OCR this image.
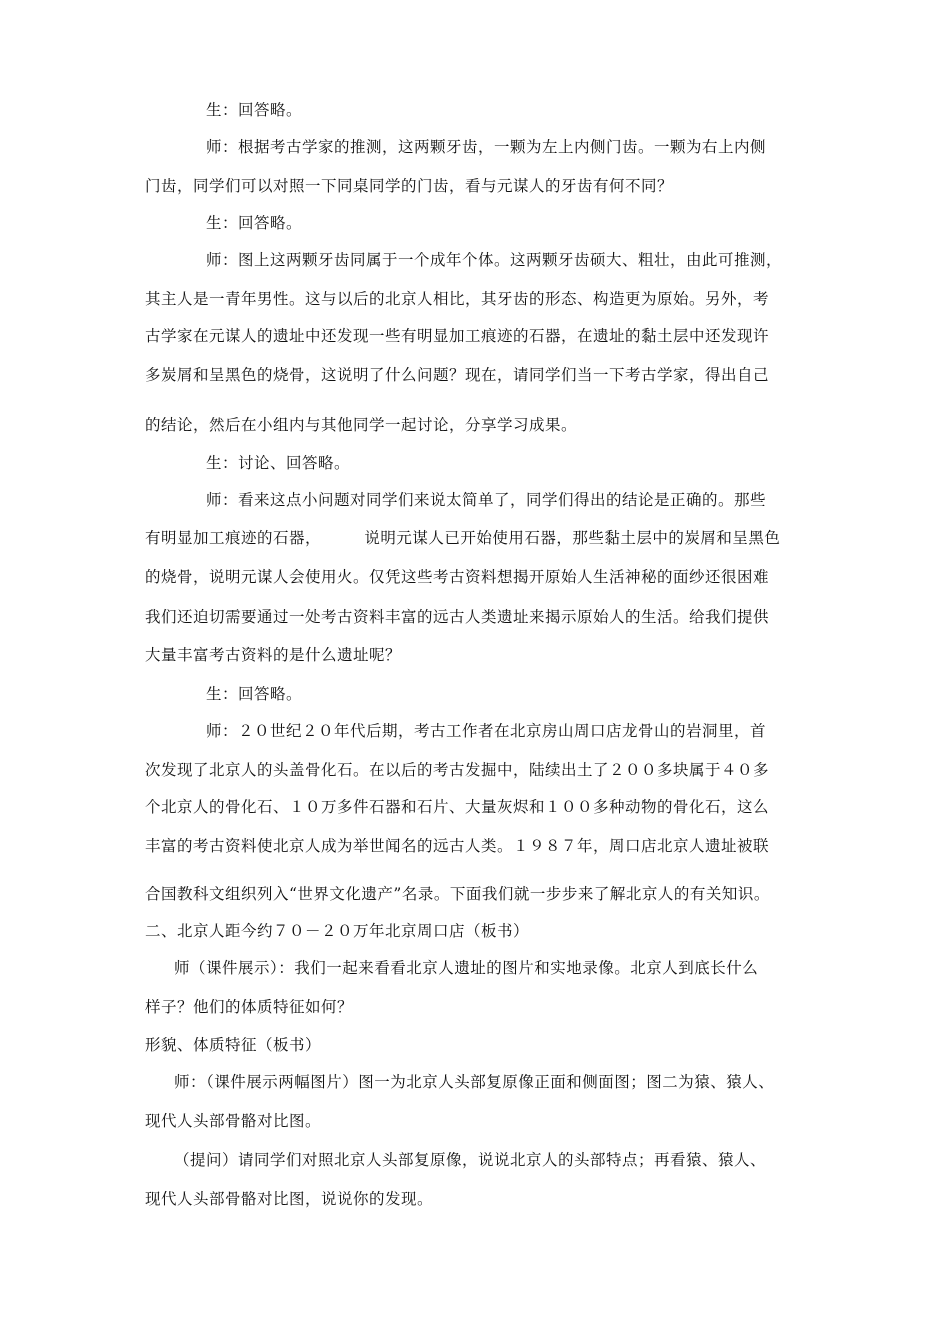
生：回答略。
师：根据考古学家的推测，这两颗牙齿，一颗为左上内侧门齿。一颗为右上内侧
门齿，同学们可以对照一下同桌同学的门齿，看与元谋人的牙齿有何不同？
生：回答略。
师：图上这两颗牙齿同属于一个成年个体。这两颗牙齿硕大、粗壮，由此可推测，
其主人是一青年男性。这与以后的北京人相比，其牙齿的形态、构造更为原始。另外，考
古学家在元谋人的遗址中还发现一些有明显加工痕迹的石器，在遗址的黏土层中还发现许
多炭屑和呈黑色的烧骨，这说明了什么问题？现在，请同学们当一下考古学家，得出自己
的结论，然后在小组内与其他同学一起讨论，分享学习成果。
生：讨论、回答略。
师：看来这点小问题对同学们来说太简单了，同学们得出的结论是正确的。那些
有明显加工痕迹的石器，        说明元谋人已开始使用石器，那些黏土层中的炭屑和呈黑色
的烧骨，说明元谋人会使用火。仅凭这些考古资料想揭开原始人生活神秘的面纱还很困难
我们还迫切需要通过一处考古资料丰富的远古人类遗址来揭示原始人的生活。给我们提供
大量丰富考古资料的是什么遗址呢？
生：回答略。
师：２０世纪２０年代后期，考古工作者在北京房山周口店龙骨山的岩洞里，首
次发现了北京人的头盖骨化石。在以后的考古发掘中，陆续出土了２００多块属于４０多
个北京人的骨化石、１０万多件石器和石片、大量灰烬和１００多种动物的骨化石，这么
丰富的考古资料使北京人成为举世闻名的远古人类。１９８７年，周口店北京人遗址被联
合国教科文组织列入“世界文化遗产”名录。下面我们就一步步来了解北京人的有关知识。
二、北京人距今约７０－２０万年北京周口店（板书）
师（课件展示）：我们一起来看看北京人遗址的图片和实地录像。北京人到底长什么
样子？他们的体质特征如何？
形貌、体质特征（板书）
师：（课件展示两幅图片）图一为北京人头部复原像正面和侧面图；图二为猿、猿人、
现代人头部骨骼对比图。
（提问）请同学们对照北京人头部复原像，说说北京人的头部特点；再看猿、猿人、
现代人头部骨骼对比图，说说你的发现。
